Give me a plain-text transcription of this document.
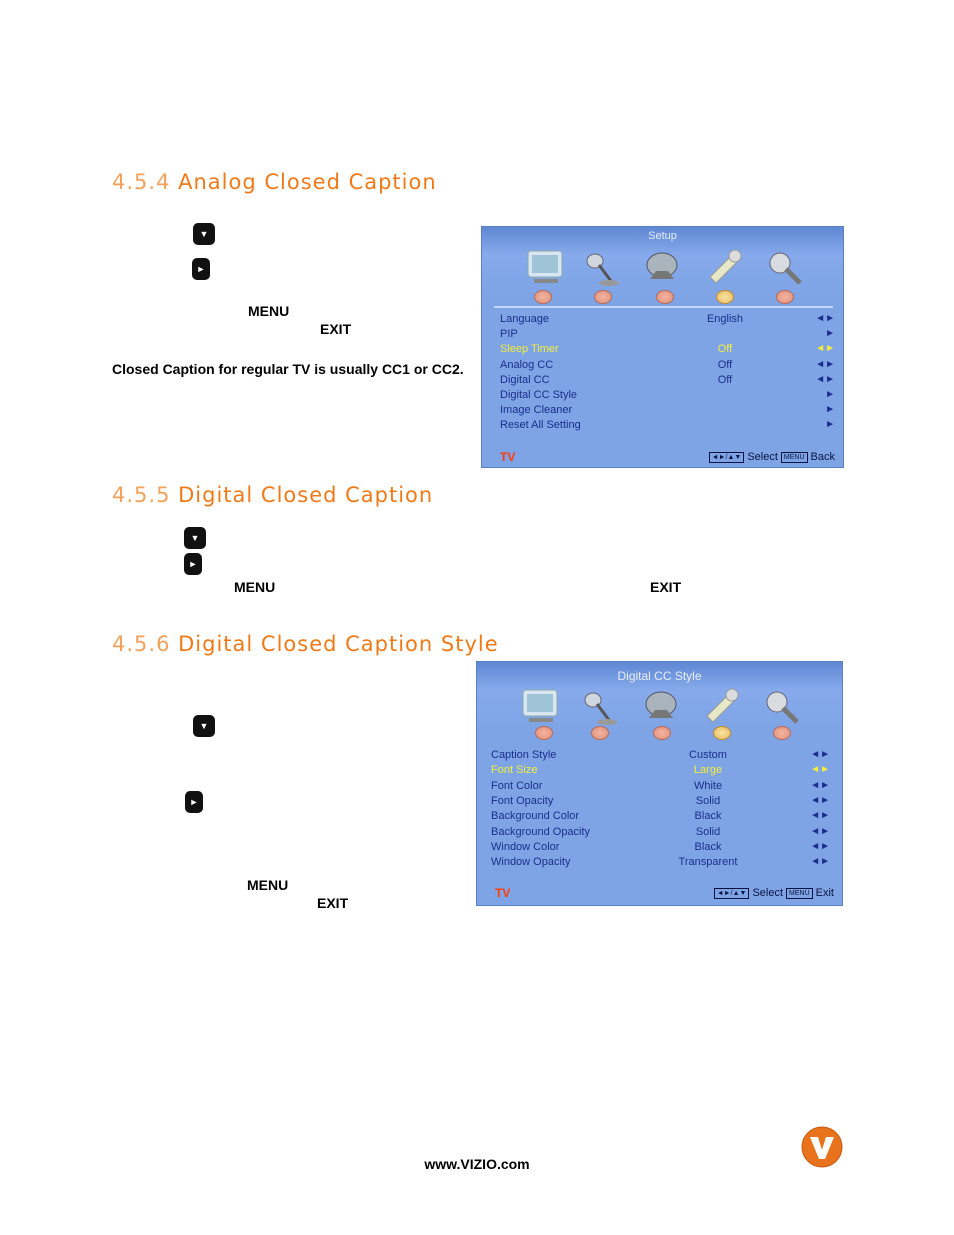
4.5.4 Analog Closed Caption
▼
►
MENU
EXIT
Closed Caption for regular TV is usually CC1 or CC2.
Setup
Language	English	◄►
PIP	►
Sleep Timer	Off	◄►
Analog CC	Off	◄►
Digital CC	Off	◄►
Digital CC Style	►
Image Cleaner	►
Reset All Setting	►
TV	◄►/▲▼ Select MENU Back
4.5.5 Digital Closed Caption
▼
►
MENU	EXIT
4.5.6 Digital Closed Caption Style
▼
►
MENU
EXIT
Digital CC Style
Caption Style	Custom	◄►
Font Size	Large	◄►
Font Color	White	◄►
Font Opacity	Solid	◄►
Background Color	Black	◄►
Background Opacity	Solid	◄►
Window Color	Black	◄►
Window Opacity	Transparent	◄►
TV	◄►/▲▼ Select MENU Exit
www.VIZIO.com
